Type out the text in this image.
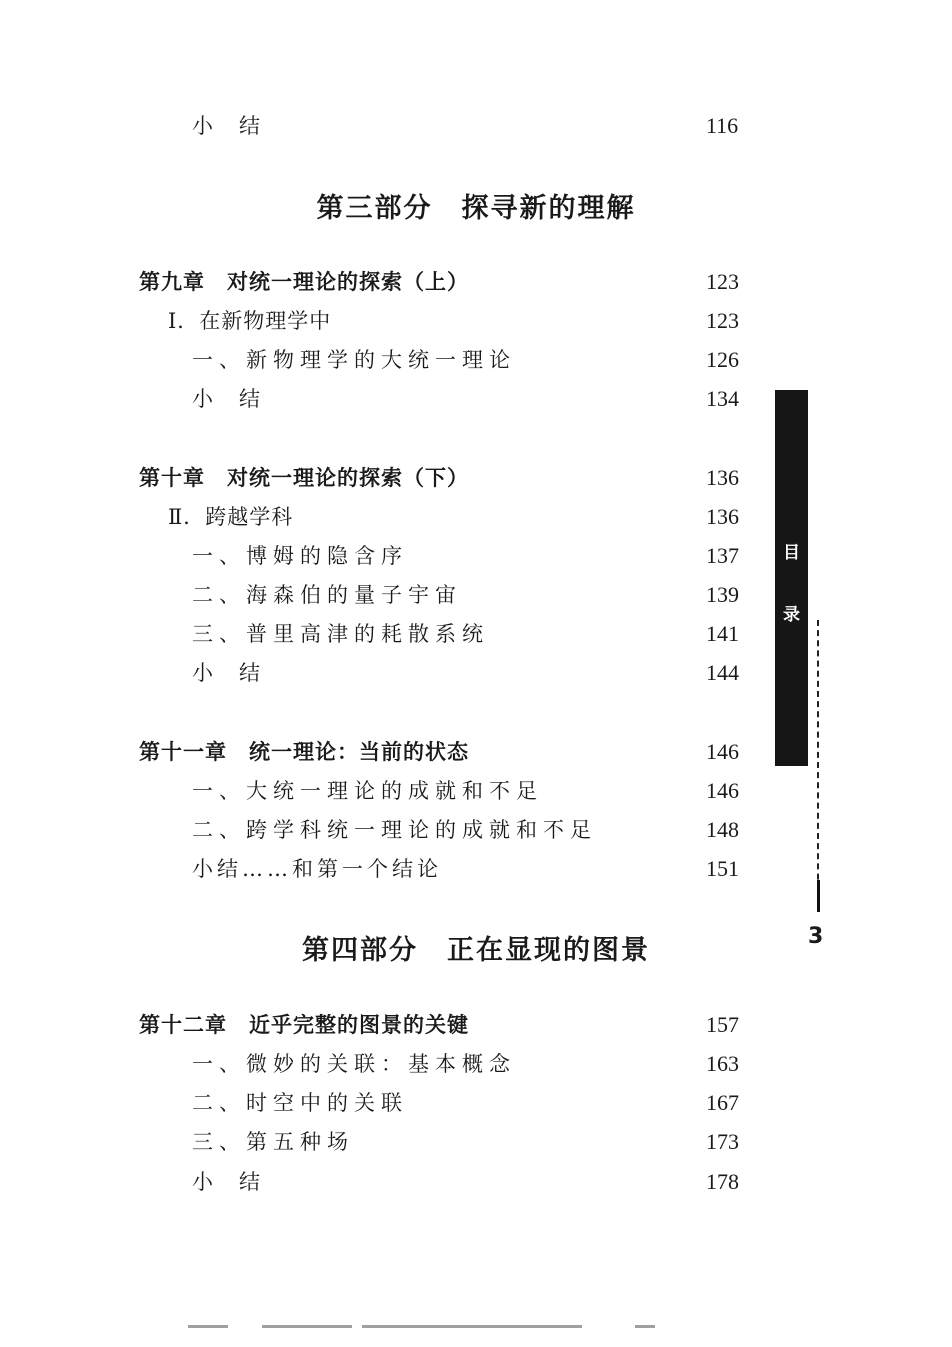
第三部分　探寻新的理解
第四部分　正在显现的图景
小结	116
第九章　对统一理论的探索（上）	123
Ⅰ．在新物理学中	123
一、新物理学的大统一理论	126
小结	134
第十章　对统一理论的探索（下）	136
Ⅱ．跨越学科	136
一、博姆的隐含序	137
二、海森伯的量子宇宙	139
三、普里高津的耗散系统	141
小结	144
第十一章　统一理论：当前的状态	146
一、大统一理论的成就和不足	146
二、跨学科统一理论的成就和不足	148
小结……和第一个结论	151
第十二章　近乎完整的图景的关键	157
一、微妙的关联：基本概念	163
二、时空中的关联	167
三、第五种场	173
小结	178
目
录
3
